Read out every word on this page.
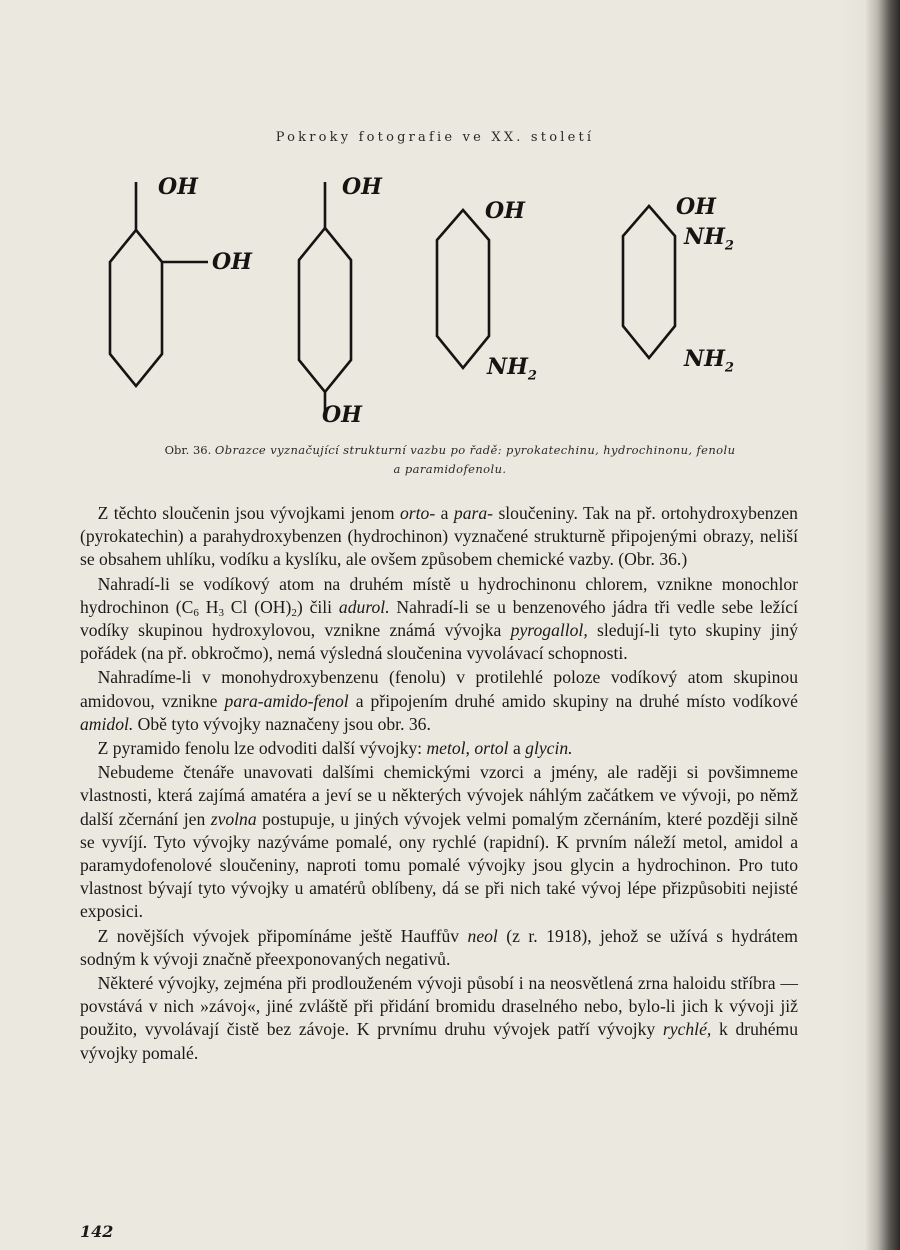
Pokroky fotografie ve XX. století
OH
OH
OH
OH
OH
$NH_2$
OH
$NH_2$
$NH_2$
Obr. 36. Obrazce vyznačující strukturní vazbu po řadě: pyrokatechinu, hydrochinonu, fenolu
a paramidofenolu.

 Z těchto sloučenin jsou vývojkami jenom orto- a para- sloučeniny. Tak na př. ortohydroxybenzen (pyrokatechin) a parahydroxybenzen (hydrochinon) vyznačené strukturně připojenými obrazy, neliší se obsahem uhlíku, vodíku a kyslíku, ale ovšem způsobem chemické vazby. (Obr. 36.)

 Nahradí-li se vodíkový atom na druhém místě u hydrochinonu chlorem, vznikne monochlor hydrochinon ($C_6$ $H_3$ Cl $(OH)_2$) čili adurol. Nahradí-li se u benzenového jádra tři vedle sebe ležící vodíky skupinou hydroxylovou, vznikne známá vývojka pyrogallol, sledují-li tyto skupiny jiný pořádek (na př. obkročmo), nemá výsledná sloučenina vyvolávací schopnosti.

 Nahradíme-li v monohydroxybenzenu (fenolu) v protilehlé poloze vodíkový atom skupinou amidovou, vznikne para-amido-fenol a připojením druhé amido skupiny na druhé místo vodíkové amidol. Obě tyto vývojky naznačeny jsou obr. 36.

 Z pyramido fenolu lze odvoditi další vývojky: metol, ortol a glycin.

 Nebudeme čtenáře unavovati dalšími chemickými vzorci a jmény, ale raději si povšimneme vlastnosti, která zajímá amatéra a jeví se u některých vývojek náhlým začátkem ve vývoji, po němž další zčernání jen zvolna postupuje, u jiných vývojek velmi pomalým zčernáním, které později silně se vyvíjí. Tyto vývojky nazýváme pomalé, ony rychlé (rapidní). K prvním náleží metol, amidol a paramydofenolové sloučeniny, naproti tomu pomalé vývojky jsou glycin a hydrochinon. Pro tuto vlastnost bývají tyto vývojky u amatérů oblíbeny, dá se při nich také vývoj lépe přizpůsobiti nejisté exposici.

 Z novějších vývojek připomínáme ještě Hauffův neol (z r. 1918), jehož se užívá s hydrátem sodným k vývoji značně přeexponovaných negativů.

 Některé vývojky, zejména při prodlouženém vývoji působí i na neosvětlená zrna haloidu stříbra — povstává v nich »závoj«, jiné zvláště při přidání bromidu draselného nebo, bylo-li jich k vývoji již použito, vyvolávají čistě bez závoje. K prvnímu druhu vývojek patří vývojky rychlé, k druhému vývojky pomalé.

142
